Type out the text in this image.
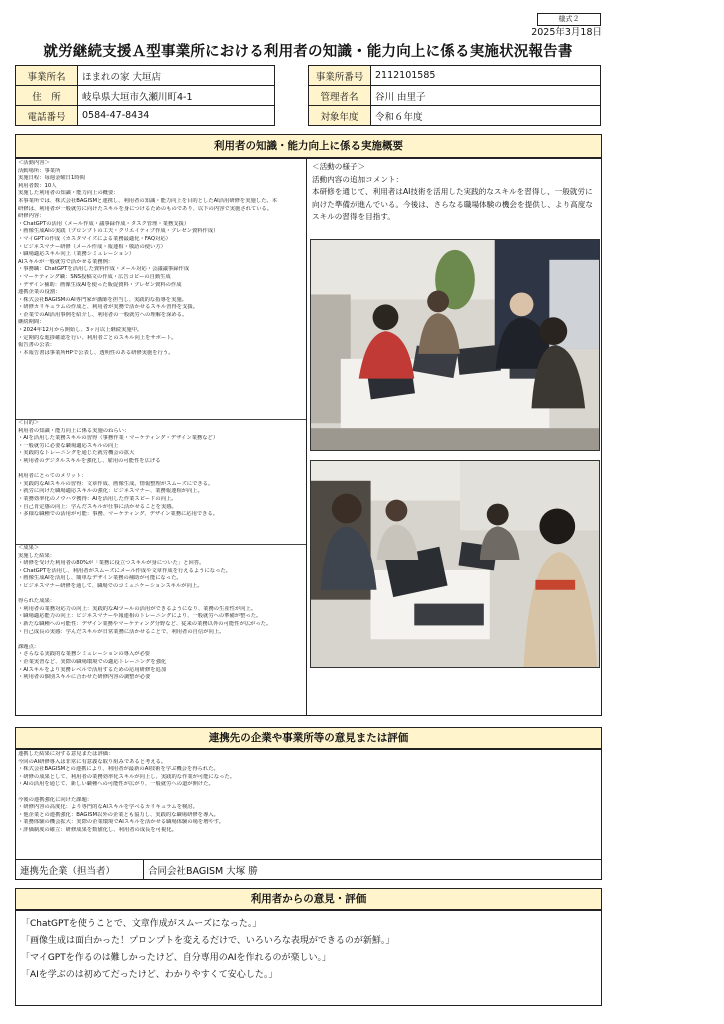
様式２
2025年3月18日
就労継続支援Ａ型事業所における利用者の知識・能力向上に係る実施状況報告書
事業所名	ほまれの家 大垣店
住　所	岐阜県大垣市久瀬川町4-1
電話番号	0584-47-8434
事業所番号	2112101585
管理者名	谷川 由里子
対象年度	令和６年度
利用者の知識・能力向上に係る実施概要
＜活動内容＞
活動場所：事業所
実施日程：毎週金曜日1時間
利用者数：10人
実施した利用者の知識・能力向上の概要：
本事業所では、株式会社BAGISMと連携し、利用者の知識・能力向上を目的としたAI活用研修を実施した。本
研修は、利用者が一般就労に向けたスキルを身につけるためのものであり、以下の内容で実施されている。
研修内容：
・ChatGPTの活用（メール作成・議事録作成・タスク管理・業務支援）
・画像生成AIの実践（プロンプトの工夫・クリエイティブ作成・プレゼン資料作成）
・マイGPTの作成（カスタマイズによる業務最適化・FAQ対応）
・ビジネスマナー研修（メール作成・報連相・敬語の使い方）
・職場適応スキル向上（業務シミュレーション）
AIスキルが一般就労で活かせる業務例：
・事務職：ChatGPTを活用した資料作成・メール対応・会議議事録作成
・マーケティング職：SNS投稿文の作成・広告コピーの自動生成
・デザイン補助：画像生成AIを使った販促資料・プレゼン資料の作成
連携企業の役割：
・株式会社BAGISMのAI専門家が講師を担当し、実践的な指導を実施。
・研修カリキュラムの作成と、利用者が実務で活かせるスキル習得を支援。
・企業でのAI活用事例を紹介し、利用者の一般就労への理解を深める。
継続期間：
・2024年12月から開始し、3ヶ月以上継続実施中。
・定期的な進捗確認を行い、利用者ごとのスキル向上をサポート。
報告書の公表：
・本報告書は事業所HPで公表し、透明性のある研修実施を行う。
＜目的＞
利用者の知識・能力向上に係る実施のねらい：
・AIを活用した業務スキルの習得（事務作業・マーケティング・デザイン業務など）
・一般就労に必要な職場適応スキルの向上
・実践的なトレーニングを通じた就労機会の拡大
・利用者のデジタルスキルを強化し、雇用の可能性を広げる
利用者にとってのメリット：
・実践的なAIスキルの習得：文章作成、画像生成、情報整理がスムーズにできる。
・就労に向けた職場適応スキルの強化：ビジネスマナー、業務報連相が向上。
・業務効率化のノウハウ獲得：AIを活用した作業スピードの向上。
・自己肯定感の向上：学んだスキルが仕事に活かせることを実感。
・多様な職種での活用が可能：事務、マーケティング、デザイン業務に応用できる。
＜成果＞
実施した結果：
・研修を受けた利用者の80%が「業務に役立つスキルが身についた」と回答。
・ChatGPTを活用し、利用者がスムーズにメール作成や文章作成を行えるようになった。
・画像生成AIを活用し、簡単なデザイン業務の補助が可能になった。
・ビジネスマナー研修を通して、職場でのコミュニケーションスキルが向上。
得られた成果：
・利用者の業務対応力の向上：実践的なAIツールの活用ができるようになり、業務の生産性が向上。
・職場適応能力の向上：ビジネスマナーや報連相のトレーニングにより、一般就労への準備が整った。
・新たな職種への可能性：デザイン業務やマーケティング分野など、従来の業務以外の可能性が広がった。
・自己成長の実感：学んだスキルが日常業務に活かせることで、利用者の自信が向上。
課題点：
・さらなる実践的な業務シミュレーションの導入が必要
・企業実習など、実際の職場環境での適応トレーニングを強化
・AIスキルをより実務レベルで活用するための応用研修を追加
・利用者の個別スキルに合わせた研修内容の調整が必要
＜活動の様子＞
活動内容の追加コメント：
本研修を通じて、利用者はAI技術を活用した実践的なスキルを習得し、一般就労に
向けた準備が進んでいる。今後は、さらなる職場体験の機会を提供し、より高度な
スキルの習得を目指す。
連携先の企業や事業所等の意見または評価
連携した結果に対する意見または評価：
今回のAI研修導入は非常に有意義な取り組みであると考える。
・株式会社BAGISMとの連携により、利用者が最新のAI技術を学ぶ機会を得られた。
・研修の成果として、利用者の業務効率化スキルが向上し、実践的な作業が可能になった。
・AIの活用を通じて、新しい職種への可能性が広がり、一般就労への道が開けた。
今後の連携強化に向けた課題：
・研修内容の高度化：より専門的なAIスキルを学べるカリキュラムを検討。
・他企業との連携強化：BAGISM以外の企業とも協力し、実践的な職場研修を導入。
・業務体験の機会拡大：実際の企業環境でAIスキルを活かせる職場体験の場を増やす。
・評価制度の確立：研修成果を数値化し、利用者の成長を可視化。
連携先企業（担当者）	合同会社BAGISM 大塚 勝
利用者からの意見・評価
「ChatGPTを使うことで、文章作成がスムーズになった。」
「画像生成は面白かった！プロンプトを変えるだけで、いろいろな表現ができるのが新鮮。」
「マイGPTを作るのは難しかったけど、自分専用のAIを作れるのが楽しい。」
「AIを学ぶのは初めてだったけど、わかりやすくて安心した。」
